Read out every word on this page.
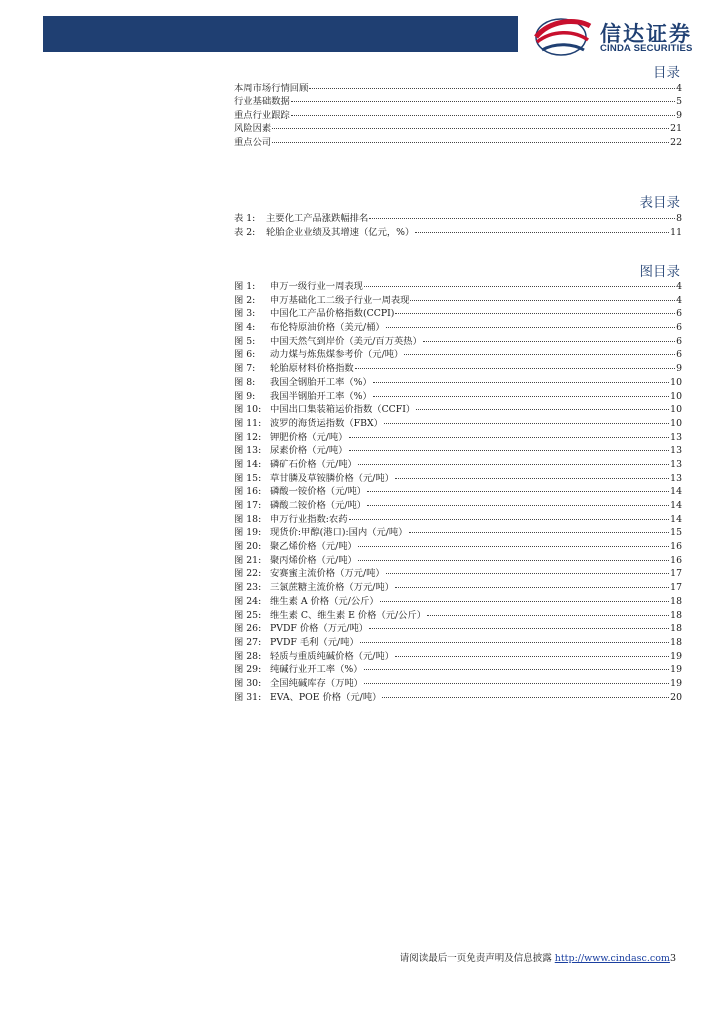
信达证券
CINDA SECURITIES
目录
本周市场行情回顾	4
行业基础数据	5
重点行业跟踪	9
风险因素	21
重点公司	22
表目录
表 1:	主要化工产品涨跌幅排名	8
表 2:	轮胎企业业绩及其增速（亿元，%）	11
图目录
图 1:	申万一级行业一周表现	4
图 2:	申万基础化工二级子行业一周表现	4
图 3:	中国化工产品价格指数(CCPI)	6
图 4:	布伦特原油价格（美元/桶）	6
图 5:	中国天然气到岸价（美元/百万英热）	6
图 6:	动力煤与炼焦煤参考价（元/吨）	6
图 7:	轮胎原材料价格指数	9
图 8:	我国全钢胎开工率（%）	10
图 9:	我国半钢胎开工率（%）	10
图 10: 中国出口集装箱运价指数（CCFI）	10
图 11: 波罗的海货运指数（FBX）	10
图 12: 钾肥价格（元/吨）	13
图 13: 尿素价格（元/吨）	13
图 14: 磷矿石价格（元/吨）	13
图 15: 草甘膦及草铵膦价格（元/吨）	13
图 16: 磷酸一铵价格（元/吨）	14
图 17: 磷酸二铵价格（元/吨）	14
图 18: 申万行业指数:农药	14
图 19: 现货价:甲醇(港口):国内（元/吨）	15
图 20: 聚乙烯价格（元/吨）	16
图 21: 聚丙烯价格（元/吨）	16
图 22: 安赛蜜主流价格（万元/吨）	17
图 23: 三氯蔗糖主流价格（万元/吨）	17
图 24: 维生素 A 价格（元/公斤）	18
图 25: 维生素 C、维生素 E 价格（元/公斤）	18
图 26: PVDF 价格（万元/吨）	18
图 27: PVDF 毛利（元/吨）	18
图 28: 轻质与重质纯碱价格（元/吨）	19
图 29: 纯碱行业开工率（%）	19
图 30: 全国纯碱库存（万吨）	19
图 31: EVA、POE 价格（元/吨）	20
请阅读最后一页免责声明及信息披露 http://www.cindasc.com3
